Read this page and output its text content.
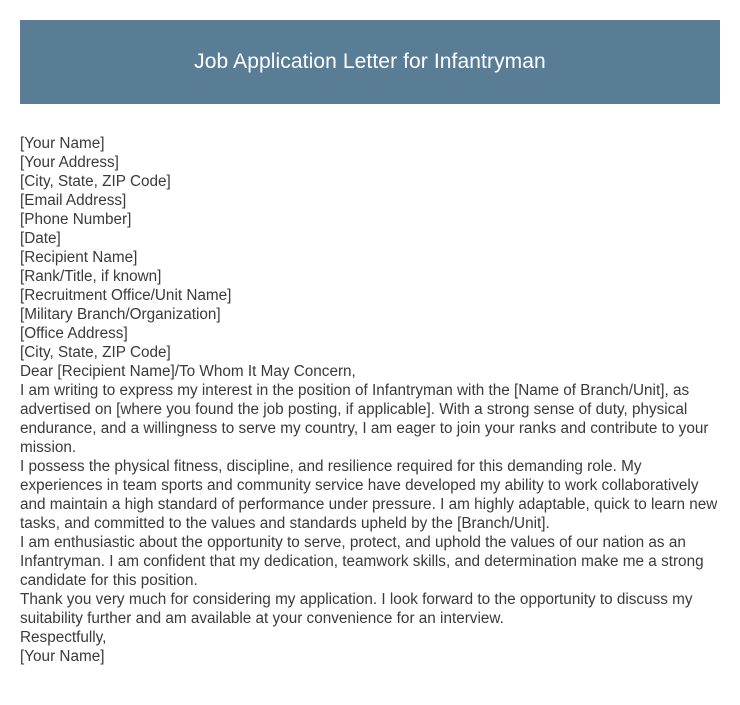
Job Application Letter for Infantryman
[Your Name]
[Your Address]
[City, State, ZIP Code]
[Email Address]
[Phone Number]
[Date]
[Recipient Name]
[Rank/Title, if known]
[Recruitment Office/Unit Name]
[Military Branch/Organization]
[Office Address]
[City, State, ZIP Code]
Dear [Recipient Name]/To Whom It May Concern,
I am writing to express my interest in the position of Infantryman with the [Name of Branch/Unit], as advertised on [where you found the job posting, if applicable]. With a strong sense of duty, physical endurance, and a willingness to serve my country, I am eager to join your ranks and contribute to your mission.
I possess the physical fitness, discipline, and resilience required for this demanding role. My experiences in team sports and community service have developed my ability to work collaboratively and maintain a high standard of performance under pressure. I am highly adaptable, quick to learn new tasks, and committed to the values and standards upheld by the [Branch/Unit].
I am enthusiastic about the opportunity to serve, protect, and uphold the values of our nation as an Infantryman. I am confident that my dedication, teamwork skills, and determination make me a strong candidate for this position.
Thank you very much for considering my application. I look forward to the opportunity to discuss my suitability further and am available at your convenience for an interview.
Respectfully,
[Your Name]
